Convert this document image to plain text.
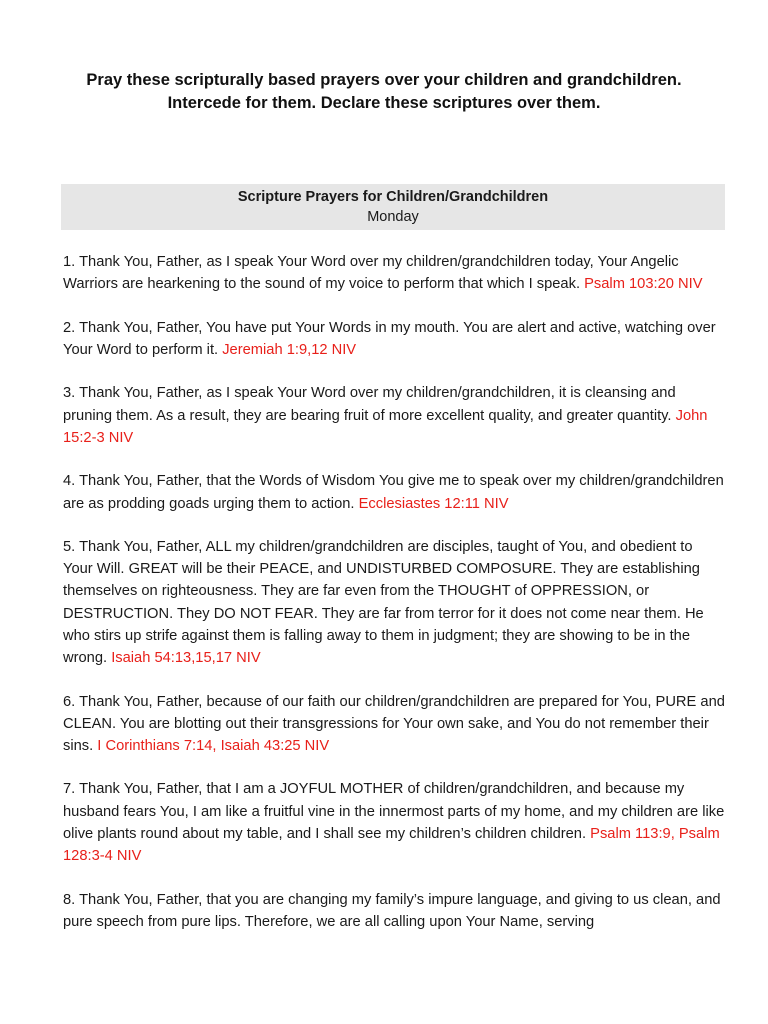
Pray these scripturally based prayers over your children and grandchildren.

Intercede for them. Declare these scriptures over them.

Scripture Prayers for Children/Grandchildren
Monday

1. Thank You, Father, as I speak Your Word over my children/grandchildren today, Your Angelic Warriors are hearkening to the sound of my voice to perform that which I speak. Psalm 103:20 NIV

2. Thank You, Father, You have put Your Words in my mouth. You are alert and active, watching over Your Word to perform it. Jeremiah 1:9,12 NIV

3. Thank You, Father, as I speak Your Word over my children/grandchildren, it is cleansing and pruning them. As a result, they are bearing fruit of more excellent quality, and greater quantity. John 15:2-3 NIV

4. Thank You, Father, that the Words of Wisdom You give me to speak over my children/grandchildren are as prodding goads urging them to action. Ecclesiastes 12:11 NIV

5. Thank You, Father, ALL my children/grandchildren are disciples, taught of You, and obedient to Your Will. GREAT will be their PEACE, and UNDISTURBED COMPOSURE. They are establishing themselves on righteousness. They are far even from the THOUGHT of OPPRESSION, or DESTRUCTION. They DO NOT FEAR. They are far from terror for it does not come near them. He who stirs up strife against them is falling away to them in judgment; they are showing to be in the wrong. Isaiah 54:13,15,17 NIV

6. Thank You, Father, because of our faith our children/grandchildren are prepared for You, PURE and CLEAN. You are blotting out their transgressions for Your own sake, and You do not remember their sins. I Corinthians 7:14, Isaiah 43:25 NIV

7. Thank You, Father, that I am a JOYFUL MOTHER of children/grandchildren, and because my husband fears You, I am like a fruitful vine in the innermost parts of my home, and my children are like olive plants round about my table, and I shall see my children’s children children. Psalm 113:9, Psalm 128:3-4 NIV

8. Thank You, Father, that you are changing my family’s impure language, and giving to us clean, and pure speech from pure lips. Therefore, we are all calling upon Your Name, serving
